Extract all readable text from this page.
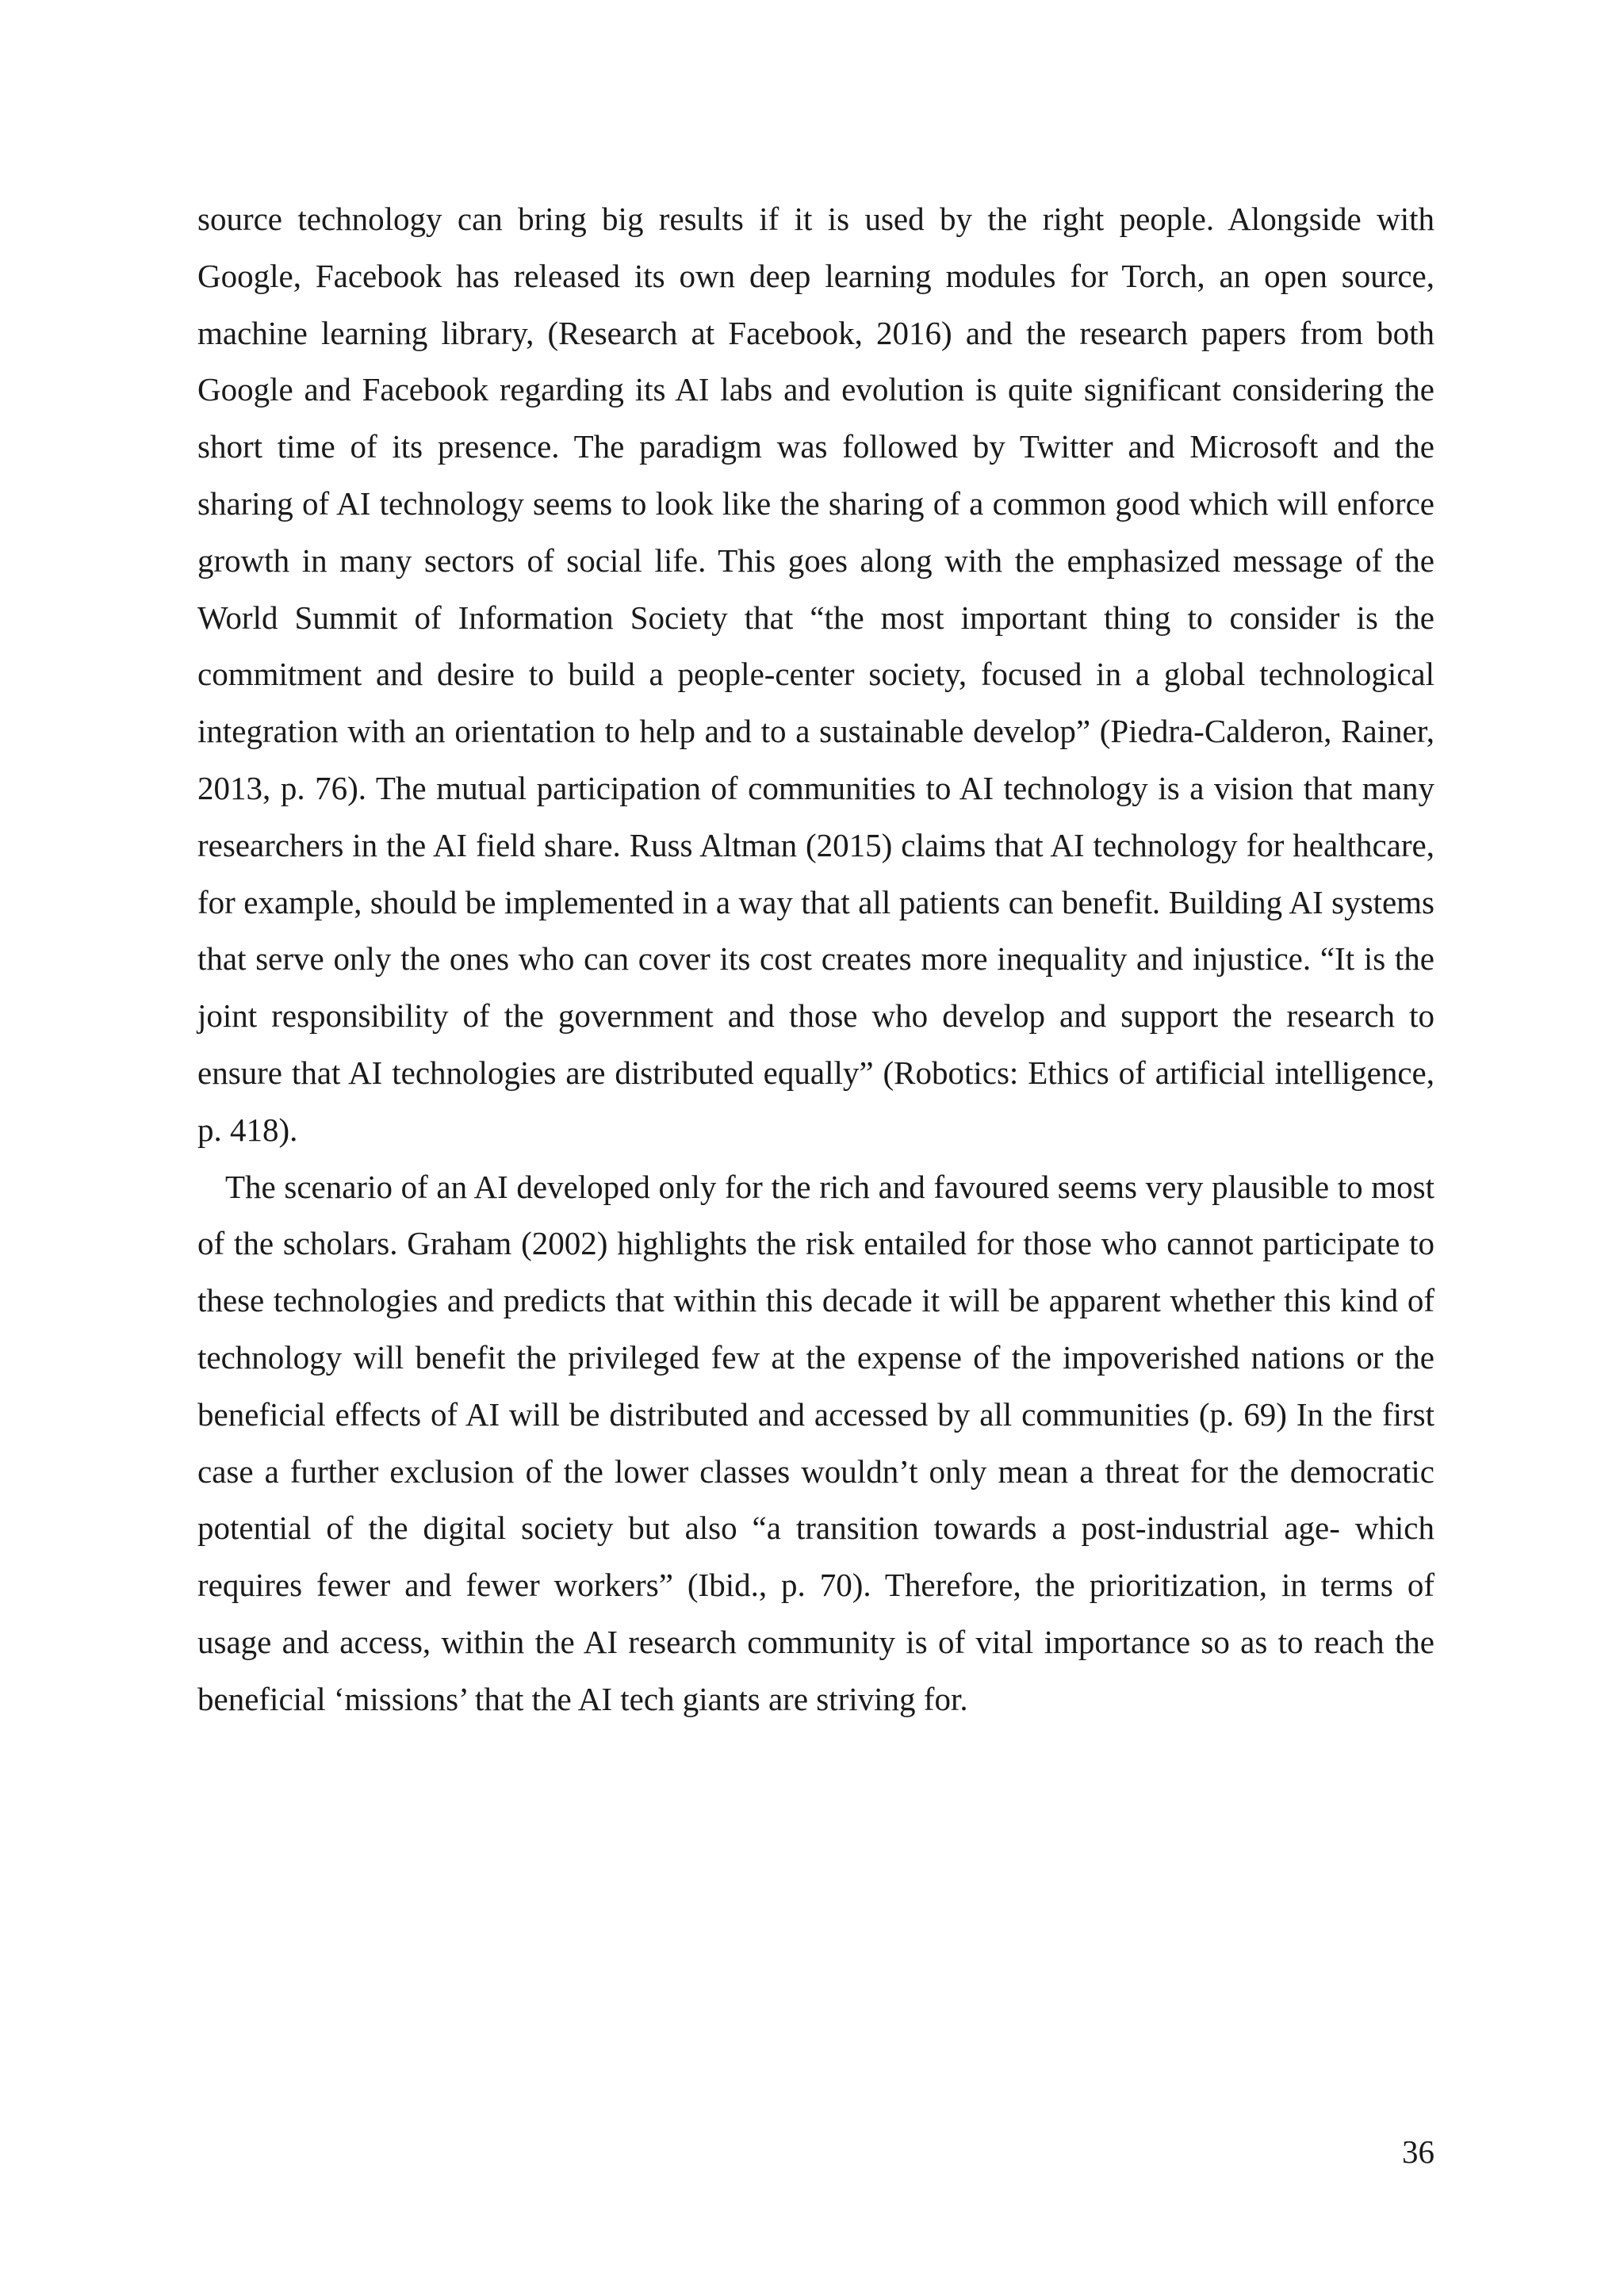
source technology can bring big results if it is used by the right people. Alongside with Google, Facebook has released its own deep learning modules for Torch, an open source, machine learning library, (Research at Facebook, 2016) and the research papers from both Google and Facebook regarding its AI labs and evolution is quite significant considering the short time of its presence. The paradigm was followed by Twitter and Microsoft and the sharing of AI technology seems to look like the sharing of a common good which will enforce growth in many sectors of social life. This goes along with the emphasized message of the World Summit of Information Society that “the most important thing to consider is the commitment and desire to build a people-center society, focused in a global technological integration with an orientation to help and to a sustainable develop” (Piedra-Calderon, Rainer, 2013, p. 76). The mutual participation of communities to AI technology is a vision that many researchers in the AI field share. Russ Altman (2015) claims that AI technology for healthcare, for example, should be implemented in a way that all patients can benefit. Building AI systems that serve only the ones who can cover its cost creates more inequality and injustice. “It is the joint responsibility of the government and those who develop and support the research to ensure that AI technologies are distributed equally” (Robotics: Ethics of artificial intelligence, p. 418).

The scenario of an AI developed only for the rich and favoured seems very plausible to most of the scholars. Graham (2002) highlights the risk entailed for those who cannot participate to these technologies and predicts that within this decade it will be apparent whether this kind of technology will benefit the privileged few at the expense of the impoverished nations or the beneficial effects of AI will be distributed and accessed by all communities (p. 69) In the first case a further exclusion of the lower classes wouldn’t only mean a threat for the democratic potential of the digital society but also “a transition towards a post-industrial age- which requires fewer and fewer workers” (Ibid., p. 70). Therefore, the prioritization, in terms of usage and access, within the AI research community is of vital importance so as to reach the beneficial ‘missions’ that the AI tech giants are striving for.

36
